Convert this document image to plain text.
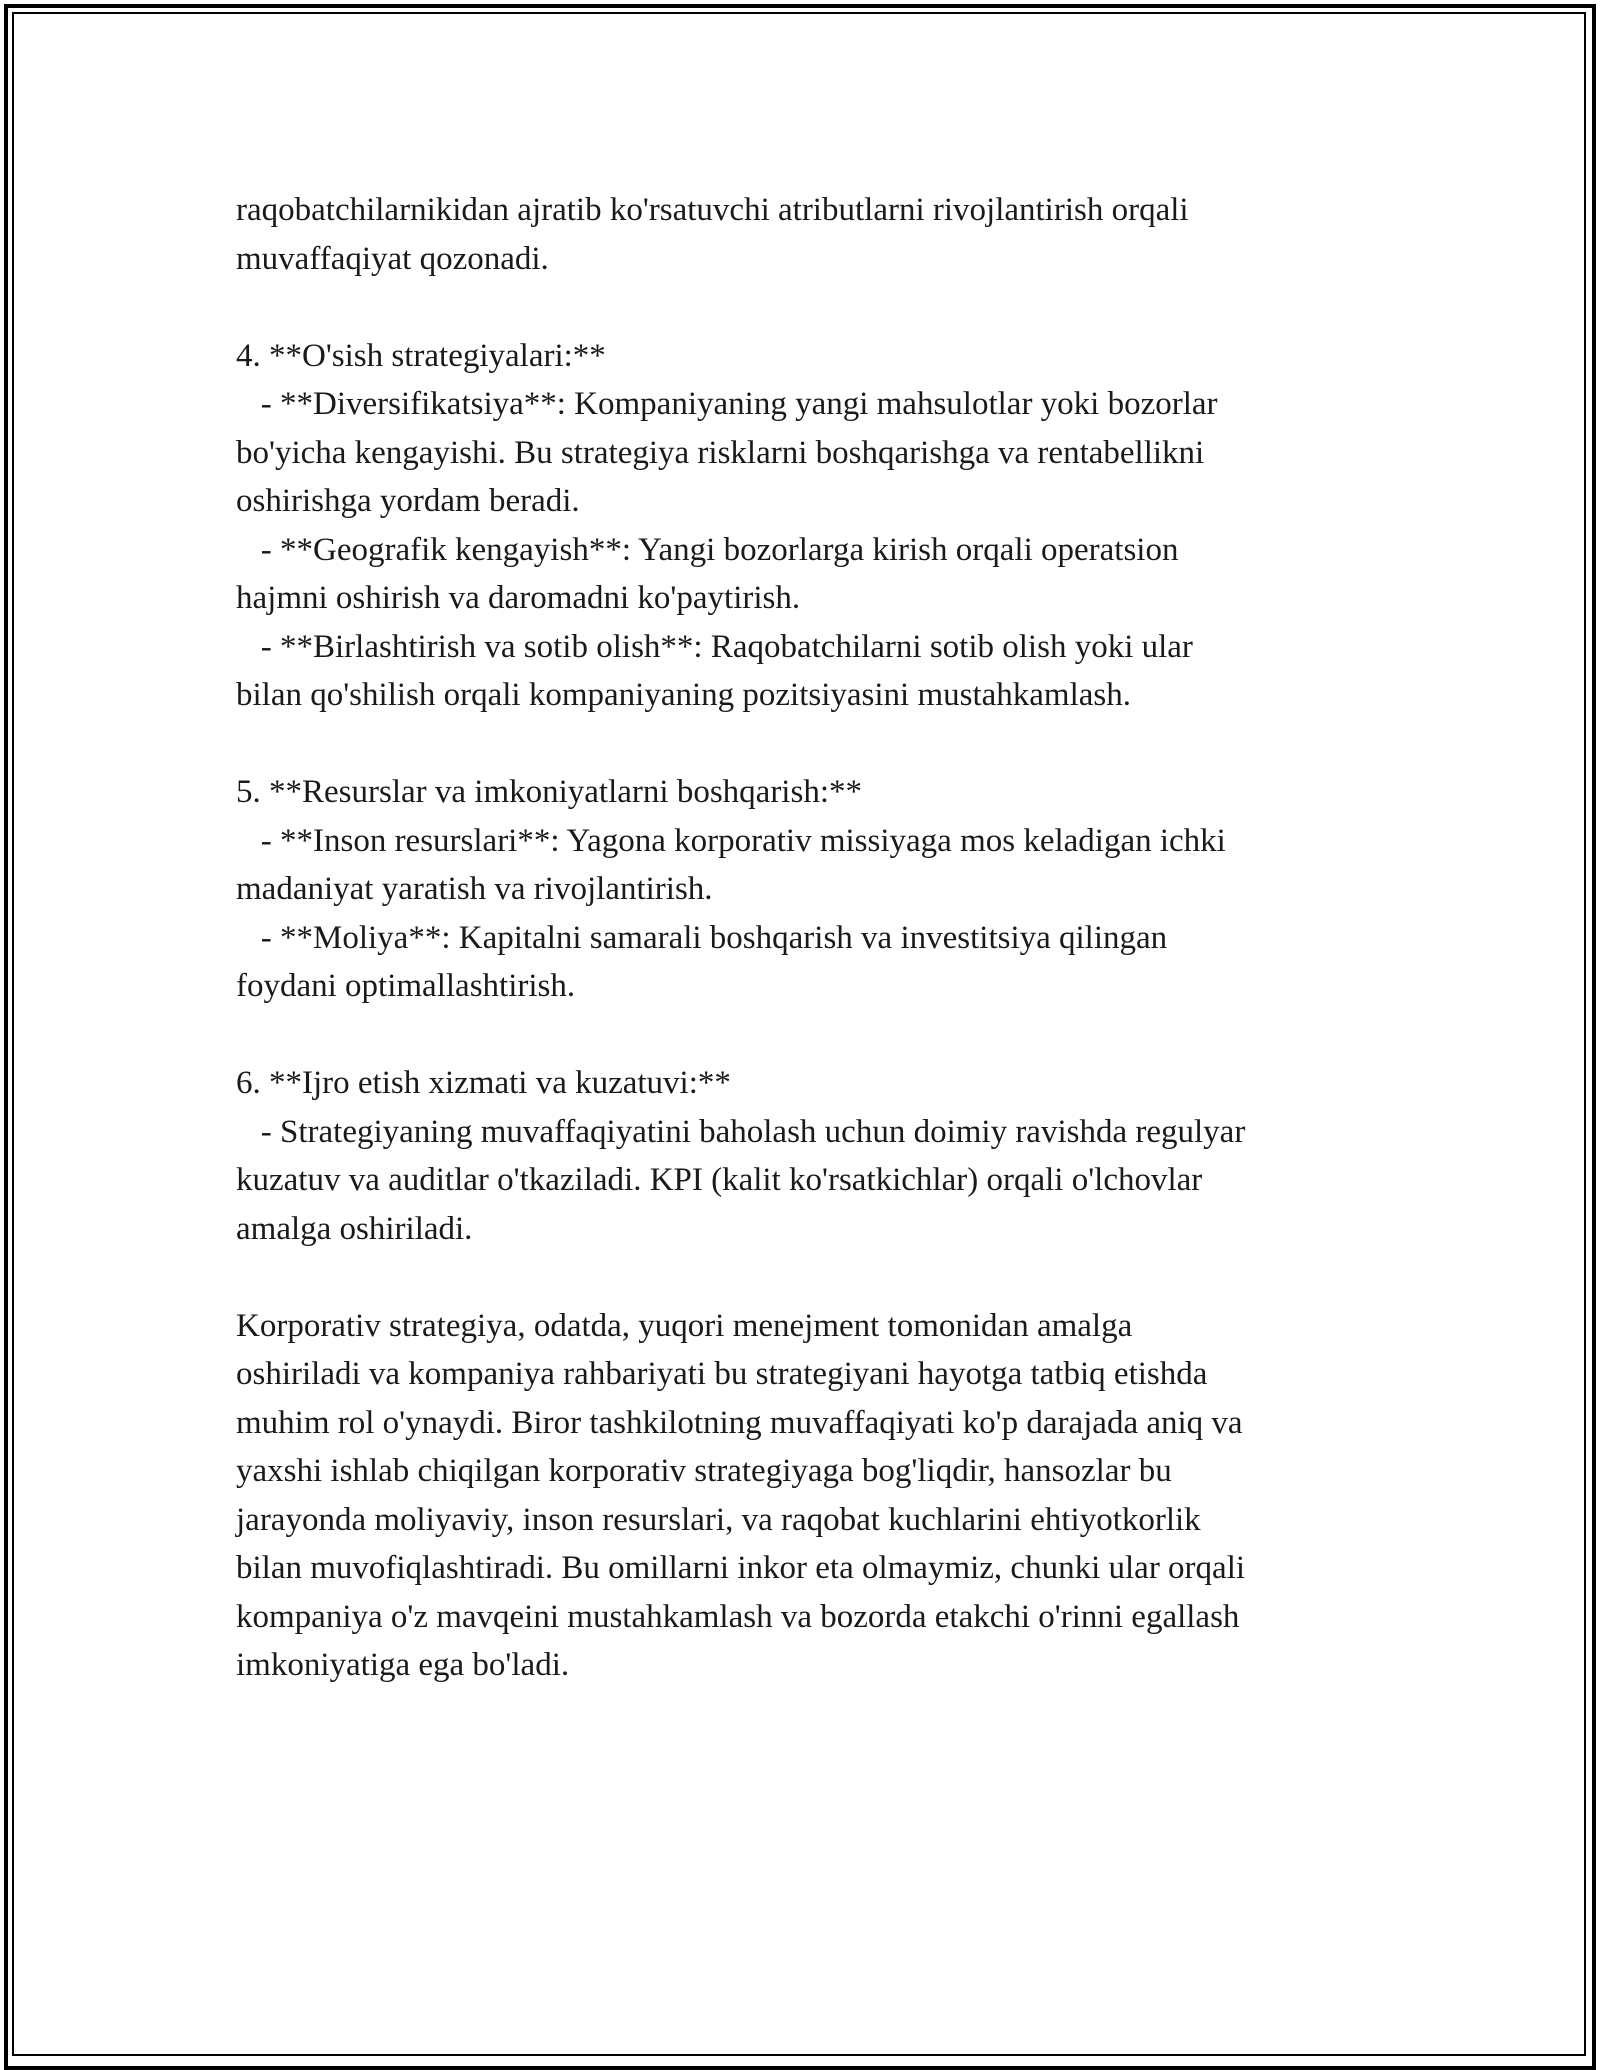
raqobatchilarnikidan ajratib ko'rsatuvchi atributlarni rivojlantirish orqali
muvaffaqiyat qozonadi.
4. **O'sish strategiyalari:**
- **Diversifikatsiya**: Kompaniyaning yangi mahsulotlar yoki bozorlar
bo'yicha kengayishi. Bu strategiya risklarni boshqarishga va rentabellikni
oshirishga yordam beradi.
- **Geografik kengayish**: Yangi bozorlarga kirish orqali operatsion
hajmni oshirish va daromadni ko'paytirish.
- **Birlashtirish va sotib olish**: Raqobatchilarni sotib olish yoki ular
bilan qo'shilish orqali kompaniyaning pozitsiyasini mustahkamlash.
5. **Resurslar va imkoniyatlarni boshqarish:**
- **Inson resurslari**: Yagona korporativ missiyaga mos keladigan ichki
madaniyat yaratish va rivojlantirish.
- **Moliya**: Kapitalni samarali boshqarish va investitsiya qilingan
foydani optimallashtirish.
6. **Ijro etish xizmati va kuzatuvi:**
- Strategiyaning muvaffaqiyatini baholash uchun doimiy ravishda regulyar
kuzatuv va auditlar o'tkaziladi. KPI (kalit ko'rsatkichlar) orqali o'lchovlar
amalga oshiriladi.
Korporativ strategiya, odatda, yuqori menejment tomonidan amalga
oshiriladi va kompaniya rahbariyati bu strategiyani hayotga tatbiq etishda
muhim rol o'ynaydi. Biror tashkilotning muvaffaqiyati ko'p darajada aniq va
yaxshi ishlab chiqilgan korporativ strategiyaga bog'liqdir, hansozlar bu
jarayonda moliyaviy, inson resurslari, va raqobat kuchlarini ehtiyotkorlik
bilan muvofiqlashtiradi. Bu omillarni inkor eta olmaymiz, chunki ular orqali
kompaniya o'z mavqeini mustahkamlash va bozorda etakchi o'rinni egallash
imkoniyatiga ega bo'ladi.
